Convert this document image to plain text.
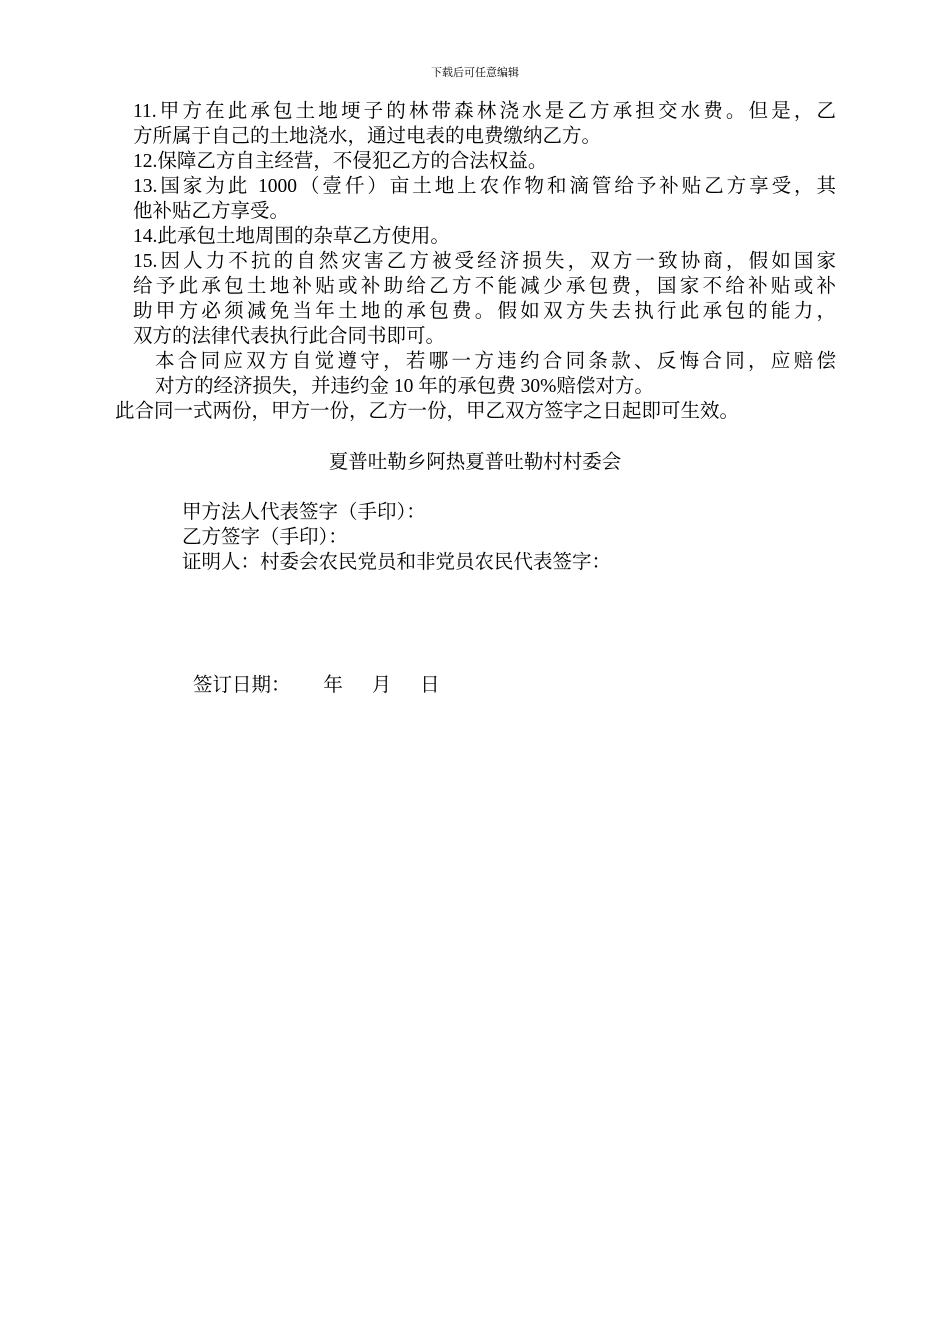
下载后可任意编辑
11.甲方在此承包土地埂子的林带森林浇水是乙方承担交水费。但是，乙
方所属于自己的土地浇水，通过电表的电费缴纳乙方。
12.保障乙方自主经营，不侵犯乙方的合法权益。
13.国家为此 1000（壹仟）亩土地上农作物和滴管给予补贴乙方享受，其
他补贴乙方享受。
14.此承包土地周围的杂草乙方使用。
15.因人力不抗的自然灾害乙方被受经济损失，双方一致协商，假如国家
给予此承包土地补贴或补助给乙方不能减少承包费，国家不给补贴或补
助甲方必须减免当年土地的承包费。假如双方失去执行此承包的能力，
双方的法律代表执行此合同书即可。
本合同应双方自觉遵守，若哪一方违约合同条款、反悔合同，应赔偿
对方的经济损失，并违约金 10 年的承包费 30%赔偿对方。
此合同一式两份，甲方一份，乙方一份，甲乙双方签字之日起即可生效。
夏普吐勒乡阿热夏普吐勒村村委会
甲方法人代表签字（手印）：
乙方签字（手印）：
证明人：村委会农民党员和非党员农民代表签字：
签订日期： 年 月 日
